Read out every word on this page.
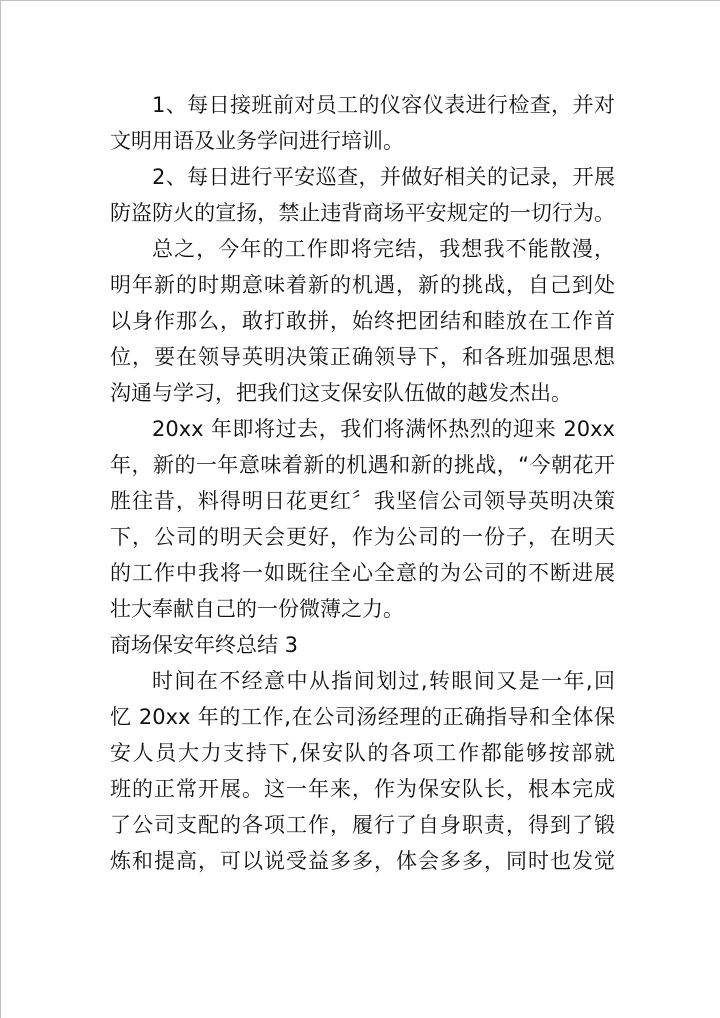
1、每日接班前对员工的仪容仪表进行检查，并对
文明用语及业务学问进行培训。
2、每日进行平安巡查，并做好相关的记录，开展
防盗防火的宣扬，禁止违背商场平安规定的一切行为。
总之，今年的工作即将完结，我想我不能散漫，
明年新的时期意味着新的机遇，新的挑战，自己到处
以身作那么，敢打敢拼，始终把团结和睦放在工作首
位，要在领导英明决策正确领导下，和各班加强思想
沟通与学习，把我们这支保安队伍做的越发杰出。
20xx 年即将过去，我们将满怀热烈的迎来 20xx
年，新的一年意味着新的机遇和新的挑战，“今朝花开
胜往昔，料得明日花更红〞我坚信公司领导英明决策
下，公司的明天会更好，作为公司的一份子，在明天
的工作中我将一如既往全心全意的为公司的不断进展
壮大奉献自己的一份微薄之力。
商场保安年终总结 3
时间在不经意中从指间划过,转眼间又是一年,回
忆 20xx 年的工作,在公司汤经理的正确指导和全体保
安人员大力支持下,保安队的各项工作都能够按部就
班的正常开展。这一年来，作为保安队长，根本完成
了公司支配的各项工作，履行了自身职责，得到了锻
炼和提高，可以说受益多多，体会多多，同时也发觉
